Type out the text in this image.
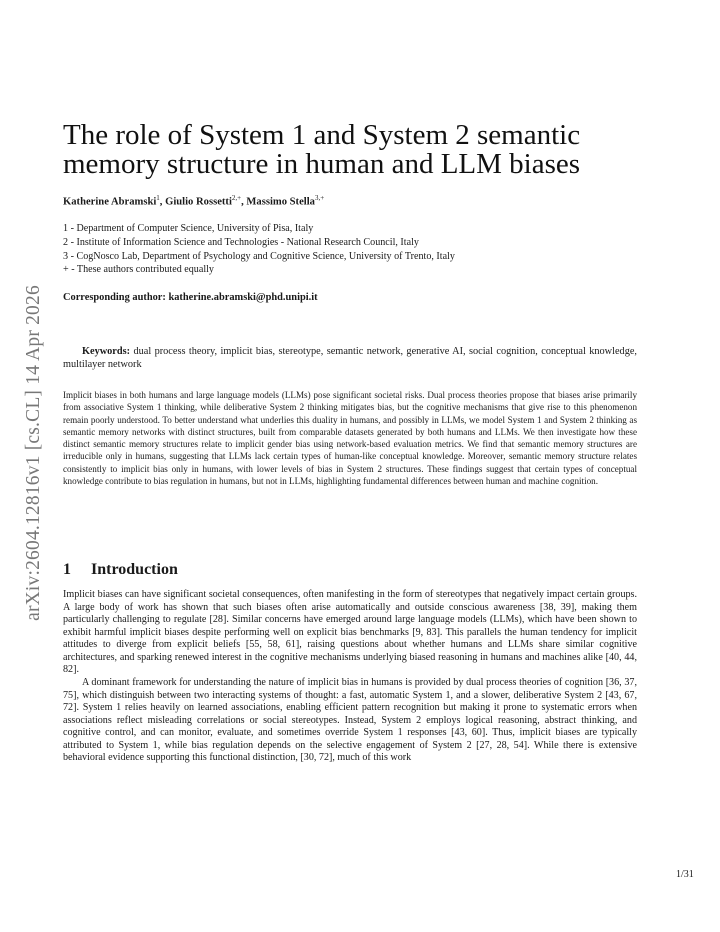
arXiv:2604.12816v1 [cs.CL] 14 Apr 2026
The role of System 1 and System 2 semantic memory structure in human and LLM biases

Katherine Abramski$^1$, Giulio Rossetti$^{2,+}$, Massimo Stella$^{3,+}$

1 - Department of Computer Science, University of Pisa, Italy
2 - Institute of Information Science and Technologies - National Research Council, Italy
3 - CogNosco Lab, Department of Psychology and Cognitive Science, University of Trento, Italy
+ - These authors contributed equally

Corresponding author: katherine.abramski@phd.unipi.it

Keywords: dual process theory, implicit bias, stereotype, semantic network, generative AI, social cognition, conceptual knowledge, multilayer network

Implicit biases in both humans and large language models (LLMs) pose significant societal risks. Dual process theories propose that biases arise primarily from associative System 1 thinking, while deliberative System 2 thinking mitigates bias, but the cognitive mechanisms that give rise to this phenomenon remain poorly understood. To better understand what underlies this duality in humans, and possibly in LLMs, we model System 1 and System 2 thinking as semantic memory networks with distinct structures, built from comparable datasets generated by both humans and LLMs. We then investigate how these distinct semantic memory structures relate to implicit gender bias using network-based evaluation metrics. We find that semantic memory structures are irreducible only in humans, suggesting that LLMs lack certain types of human-like conceptual knowledge. Moreover, semantic memory structure relates consistently to implicit bias only in humans, with lower levels of bias in System 2 structures. These findings suggest that certain types of conceptual knowledge contribute to bias regulation in humans, but not in LLMs, highlighting fundamental differences between human and machine cognition.

1 Introduction

Implicit biases can have significant societal consequences, often manifesting in the form of stereotypes that negatively impact certain groups. A large body of work has shown that such biases often arise automatically and outside conscious awareness [38, 39], making them particularly challenging to regulate [28]. Similar concerns have emerged around large language models (LLMs), which have been shown to exhibit harmful implicit biases despite performing well on explicit bias benchmarks [9, 83]. This parallels the human tendency for implicit attitudes to diverge from explicit beliefs [55, 58, 61], raising questions about whether humans and LLMs share similar cognitive architectures, and sparking renewed interest in the cognitive mechanisms underlying biased reasoning in humans and machines alike [40, 44, 82].

A dominant framework for understanding the nature of implicit bias in humans is provided by dual process theories of cognition [36, 37, 75], which distinguish between two interacting systems of thought: a fast, automatic System 1, and a slower, deliberative System 2 [43, 67, 72]. System 1 relies heavily on learned associations, enabling efficient pattern recognition but making it prone to systematic errors when associations reflect misleading correlations or social stereotypes. Instead, System 2 employs logical reasoning, abstract thinking, and cognitive control, and can monitor, evaluate, and sometimes override System 1 responses [43, 60]. Thus, implicit biases are typically attributed to System 1, while bias regulation depends on the selective engagement of System 2 [27, 28, 54]. While there is extensive behavioral evidence supporting this functional distinction, [30, 72], much of this work

1/31
